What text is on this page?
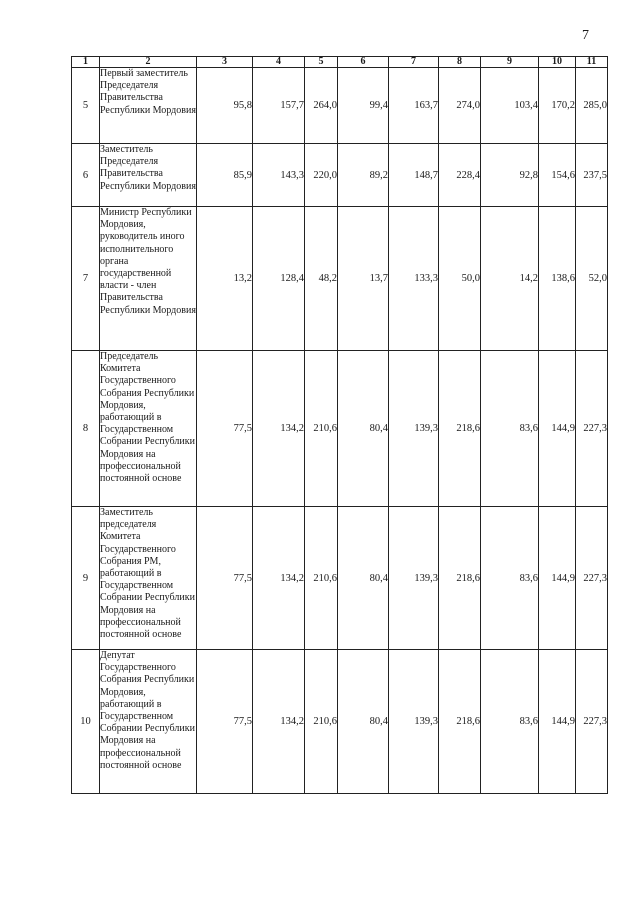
7
1	2	3	4	5	6	7	8	9	10	11
5	Первый заместитель Председателя Правительства Республики Мордовия	95,8	157,7	264,0	99,4	163,7	274,0	103,4	170,2	285,0
6	Заместитель Председателя Правительства Республики Мордовия	85,9	143,3	220,0	89,2	148,7	228,4	92,8	154,6	237,5
7	Министр Республики Мордовия, руководитель иного исполнительного органа государственной власти - член Правительства Республики Мордовия	13,2	128,4	48,2	13,7	133,3	50,0	14,2	138,6	52,0
8	Председатель Комитета Государственного Собрания Республики Мордовия, работающий в Государственном Собрании Республики Мордовия на профессиональной постоянной основе	77,5	134,2	210,6	80,4	139,3	218,6	83,6	144,9	227,3
9	Заместитель председателя Комитета Государственного Собрания РМ, работающий в Государственном Собрании Республики Мордовия на профессиональной постоянной основе	77,5	134,2	210,6	80,4	139,3	218,6	83,6	144,9	227,3
10	Депутат Государственного Собрания Республики Мордовия, работающий в Государственном Собрании Республики Мордовия на профессиональной постоянной основе	77,5	134,2	210,6	80,4	139,3	218,6	83,6	144,9	227,3
